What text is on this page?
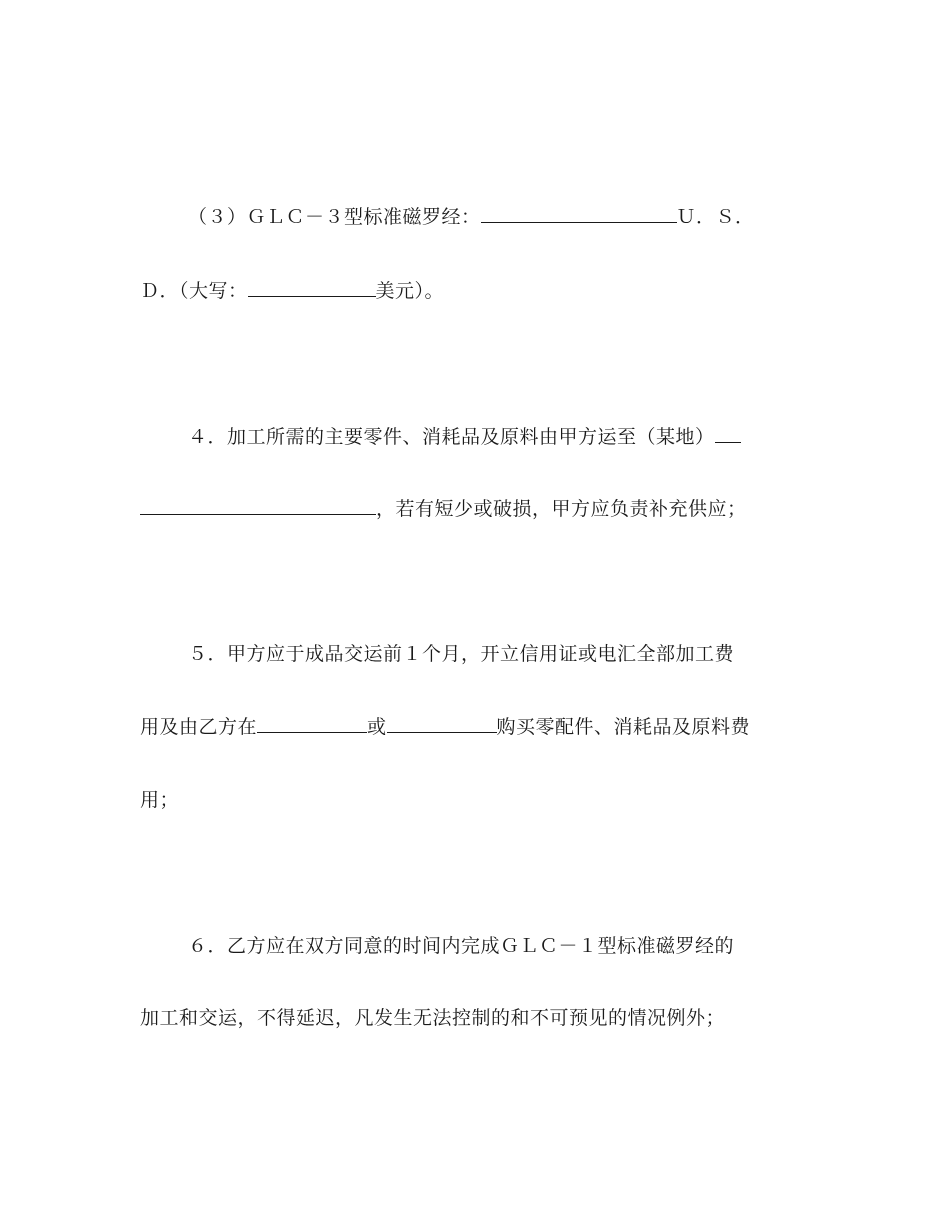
（３）ＧＬＣ－３型标准磁罗经：	Ｕ．Ｓ．
Ｄ．（大写：	美元）。
４．加工所需的主要零件、消耗品及原料由甲方运至（某地）
，若有短少或破损，甲方应负责补充供应；
５．甲方应于成品交运前１个月，开立信用证或电汇全部加工费
用及由乙方在	或	购买零配件、消耗品及原料费
用；
６．乙方应在双方同意的时间内完成ＧＬＣ－１型标准磁罗经的
加工和交运，不得延迟，凡发生无法控制的和不可预见的情况例外；
